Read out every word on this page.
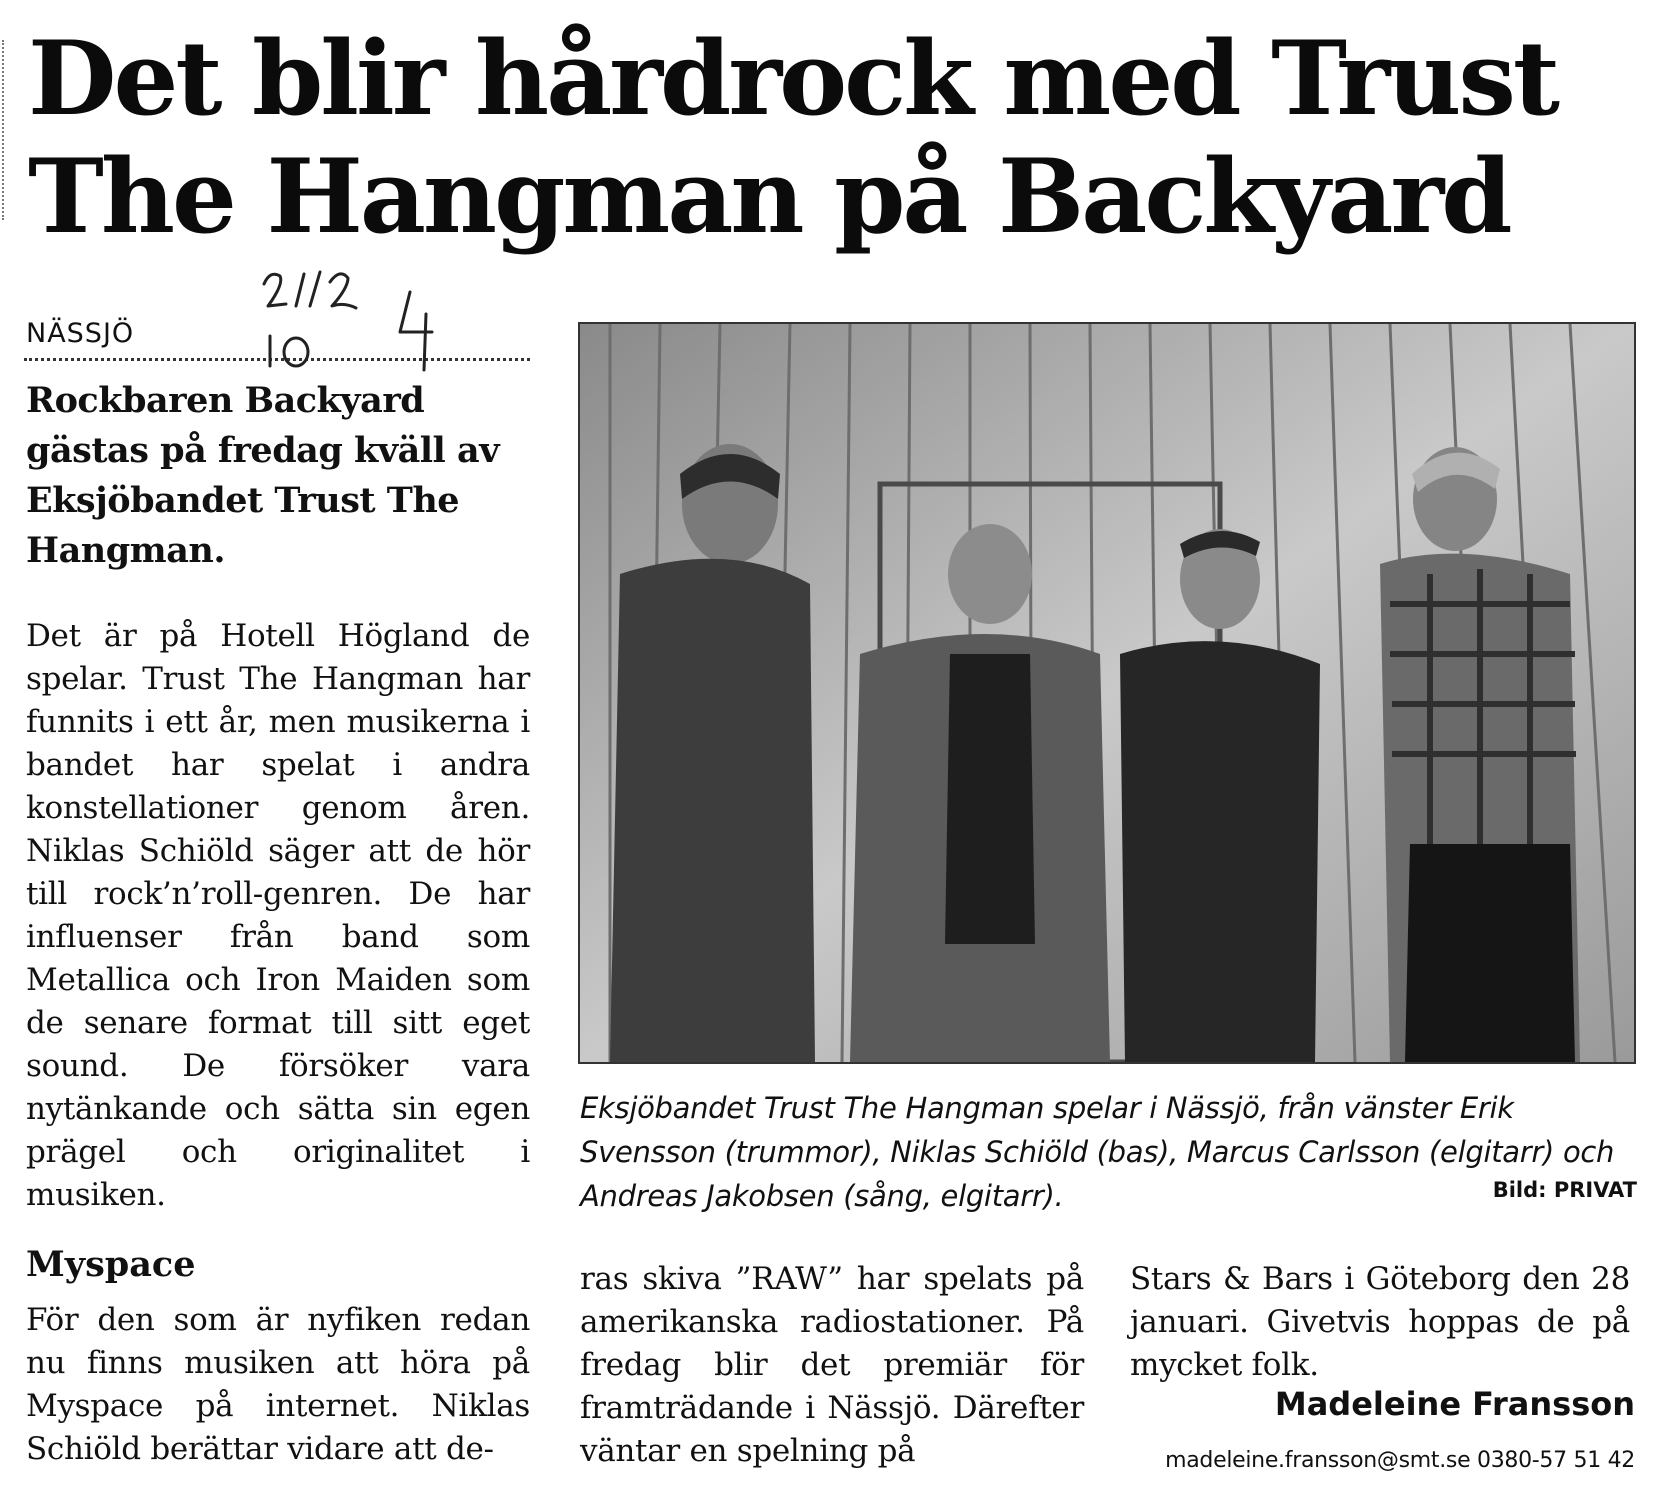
Det blir hårdrock med Trust
The Hangman på Backyard
NÄSSJÖ

Rockbaren Backyard gästas på fredag kväll av Eksjöbandet Trust The Hangman.

Det är på Hotell Högland de spelar. Trust The Hangman har funnits i ett år, men musikerna i bandet har spelat i andra konstellationer genom åren. Niklas Schiöld säger att de hör till rock’n’roll-genren. De har influenser från band som Metallica och Iron Maiden som de senare format till sitt eget sound. De försöker vara nytänkande och sätta sin egen prägel och originalitet i musiken.

Eksjöbandet Trust The Hangman spelar i Nässjö, från vänster Erik Svensson (trummor), Niklas Schiöld (bas), Marcus Carlsson (elgitarr) och Andreas Jakobsen (sång, elgitarr).	Bild: PRIVAT
Myspace

För den som är nyfiken redan nu finns musiken att höra på Myspace på internet. Niklas Schiöld berättar vidare att de-

ras skiva ”RAW” har spelats på amerikanska radiostationer. På fredag blir det premiär för framträdande i Nässjö. Därefter väntar en spelning på

Stars & Bars i Göteborg den 28 januari. Givetvis hoppas de på mycket folk.

Madeleine Fransson
madeleine.fransson@smt.se 0380-57 51 42
